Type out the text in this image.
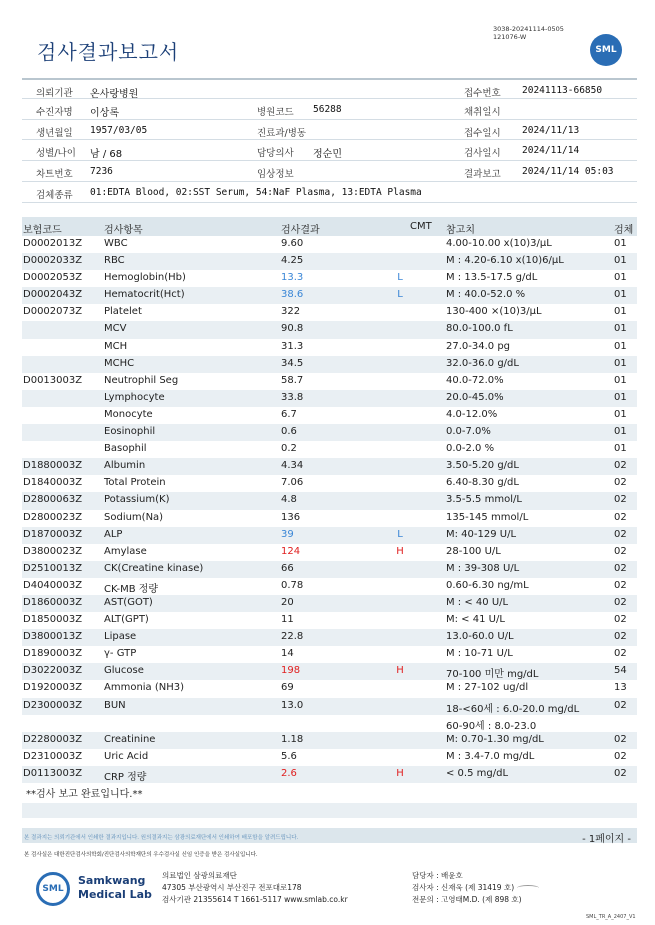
검사결과보고서
3038-20241114-0505
121076-W
SML
의뢰기관 온사랑병원	접수번호 20241113-66850
수진자명 이상록	병원코드 56288	채취일시
생년월일 1957/03/05	진료과/병동	접수일시 2024/11/13
성별/나이 남 / 68	담당의사 정순민	검사일시 2024/11/14
차트번호 7236	임상정보	결과보고 2024/11/14 05:03
검체종류 01:EDTA Blood, 02:SST Serum, 54:NaF Plasma, 13:EDTA Plasma
보험코드	검사항목	검사결과	CMT 참고치	검체
D0002013Z WBC	9.60	4.00-10.00 x(10)3/μL	01
D0002033Z RBC	4.25	M : 4.20-6.10 x(10)6/μL	01
D0002053Z Hemoglobin(Hb)	13.3	L	M : 13.5-17.5 g/dL	01
D0002043Z Hematocrit(Hct)	38.6	L	M : 40.0-52.0 %	01
D0002073Z Platelet	322	130-400 ×(10)3/μL	01
MCV	90.8	80.0-100.0 fL	01
MCH	31.3	27.0-34.0 pg	01
MCHC	34.5	32.0-36.0 g/dL	01
D0013003Z Neutrophil Seg	58.7	40.0-72.0%	01
Lymphocyte	33.8	20.0-45.0%	01
Monocyte	6.7	4.0-12.0%	01
Eosinophil	0.6	0.0-7.0%	01
Basophil	0.2	0.0-2.0 %	01
D1880003Z Albumin	4.34	3.50-5.20 g/dL	02
D1840003Z Total Protein	7.06	6.40-8.30 g/dL	02
D2800063Z Potassium(K)	4.8	3.5-5.5 mmol/L	02
D2800023Z Sodium(Na)	136	135-145 mmol/L	02
D1870003Z ALP	39	L	M: 40-129 U/L	02
D3800023Z Amylase	124	H	28-100 U/L	02
D2510013Z CK(Creatine kinase)	66	M : 39-308 U/L	02
D4040003Z CK-MB 정량	0.78	0.60-6.30 ng/mL	02
D1860003Z AST(GOT)	20	M : < 40 U/L	02
D1850003Z ALT(GPT)	11	M: < 41 U/L	02
D3800013Z Lipase	22.8	13.0-60.0 U/L	02
D1890003Z γ- GTP	14	M : 10-71 U/L	02
D3022003Z Glucose	198	H	70-100 미만 mg/dL	54
D1920003Z Ammonia (NH3)	69	M : 27-102 ug/dl	13
D2300003Z BUN	13.0	18-<60세 : 6.0-20.0 mg/dL	02
60-90세 : 8.0-23.0
D2280003Z Creatinine	1.18	M: 0.70-1.30 mg/dL	02
D2310003Z Uric Acid	5.6	M : 3.4-7.0 mg/dL	02
D0113003Z CRP 정량	2.6	H	< 0.5 mg/dL	02
**검사 보고 완료입니다.**
본 결과지는 의뢰기관에서 인쇄한 결과지입니다. 원의결과지는 삼광의료재단에서 인쇄하여 배포함을 알려드립니다.	- 1페이지 -
본 검사실은 대한진단검사의학회/진단검사의학재단의 우수검사실 신임 인증을 받은 검사실입니다.
SML
Samkwang
Medical Lab
의료법인 삼광의료재단
47305 부산광역시 부산진구 전포대로178
검사기관 21355614 T 1661-5117 www.smlab.co.kr
담당자 : 배윤호
검사자 : 신재욱 (제 31419 호)
전문의 : 고영태M.D. (제 898 호)
SML_TR_A_2407_V1
